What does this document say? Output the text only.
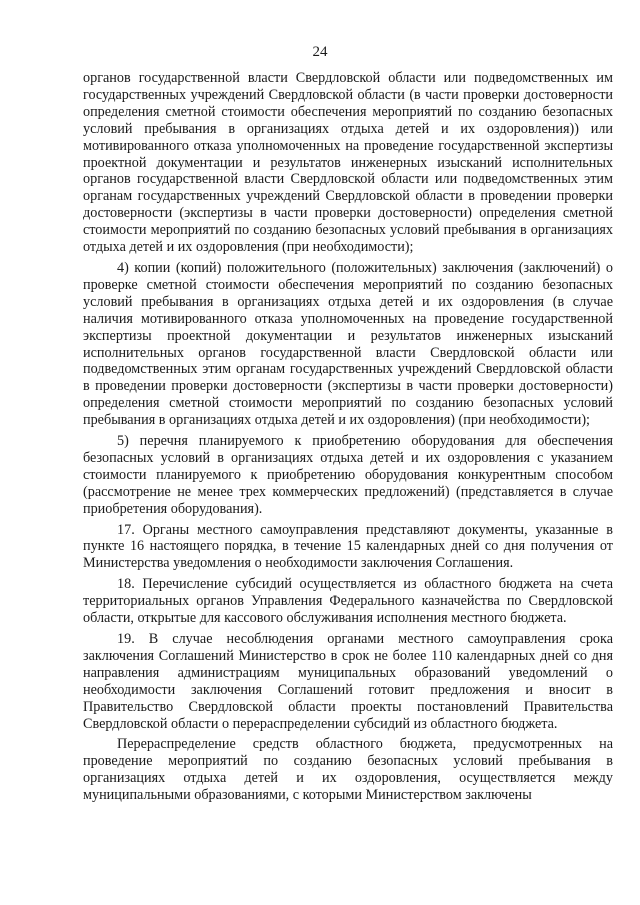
24

органов государственной власти Свердловской области или подведомственных им государственных учреждений Свердловской области (в части проверки достоверности определения сметной стоимости обеспечения мероприятий по созданию безопасных условий пребывания в организациях отдыха детей и их оздоровления)) или мотивированного отказа уполномоченных на проведение государственной экспертизы проектной документации и результатов инженерных изысканий исполнительных органов государственной власти Свердловской области или подведомственных этим органам государственных учреждений Свердловской области в проведении проверки достоверности (экспертизы в части проверки достоверности) определения сметной стоимости мероприятий по созданию безопасных условий пребывания в организациях отдыха детей и их оздоровления (при необходимости);

4) копии (копий) положительного (положительных) заключения (заключений) о проверке сметной стоимости обеспечения мероприятий по созданию безопасных условий пребывания в организациях отдыха детей и их оздоровления (в случае наличия мотивированного отказа уполномоченных на проведение государственной экспертизы проектной документации и результатов инженерных изысканий исполнительных органов государственной власти Свердловской области или подведомственных этим органам государственных учреждений Свердловской области в проведении проверки достоверности (экспертизы в части проверки достоверности) определения сметной стоимости мероприятий по созданию безопасных условий пребывания в организациях отдыха детей и их оздоровления) (при необходимости);

5) перечня планируемого к приобретению оборудования для обеспечения безопасных условий в организациях отдыха детей и их оздоровления с указанием стоимости планируемого к приобретению оборудования конкурентным способом (рассмотрение не менее трех коммерческих предложений) (представляется в случае приобретения оборудования).

17. Органы местного самоуправления представляют документы, указанные в пункте 16 настоящего порядка, в течение 15 календарных дней со дня получения от Министерства уведомления о необходимости заключения Соглашения.

18. Перечисление субсидий осуществляется из областного бюджета на счета территориальных органов Управления Федерального казначейства по Свердловской области, открытые для кассового обслуживания исполнения местного бюджета.

19. В случае несоблюдения органами местного самоуправления срока заключения Соглашений Министерство в срок не более 110 календарных дней со дня направления администрациям муниципальных образований уведомлений о необходимости заключения Соглашений готовит предложения и вносит в Правительство Свердловской области проекты постановлений Правительства Свердловской области о перераспределении субсидий из областного бюджета.

Перераспределение средств областного бюджета, предусмотренных на проведение мероприятий по созданию безопасных условий пребывания в организациях отдыха детей и их оздоровления, осуществляется между муниципальными образованиями, с которыми Министерством заключены
